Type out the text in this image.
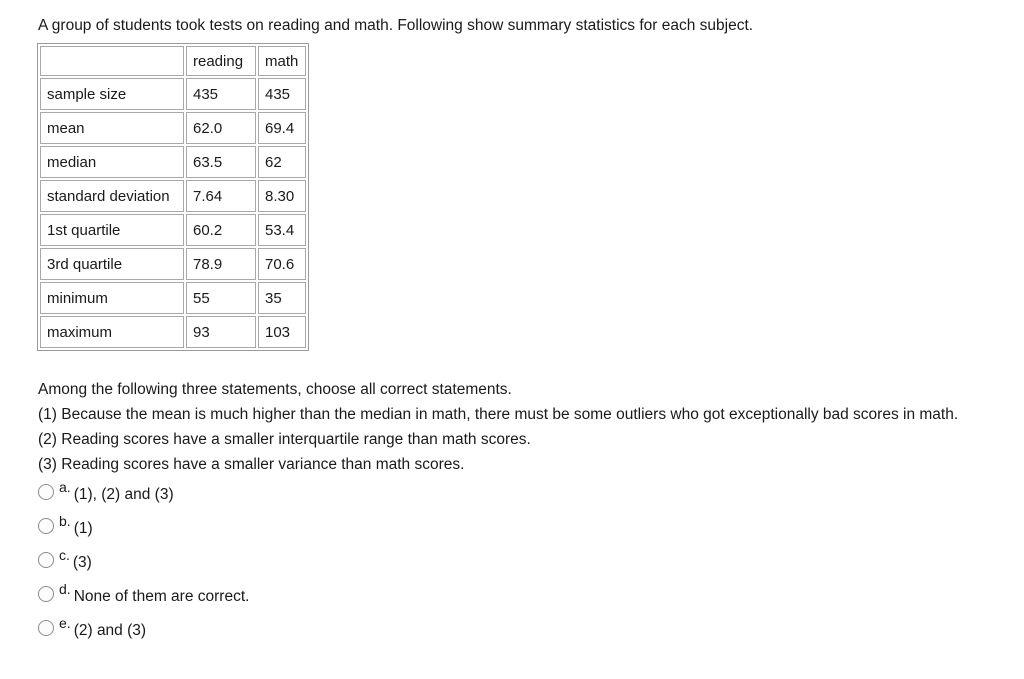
A group of students took tests on reading and math. Following show summary statistics for each subject.
	reading	math
sample size	435	435
mean	62.0	69.4
median	63.5	62
standard deviation	7.64	8.30
1st quartile	60.2	53.4
3rd quartile	78.9	70.6
minimum	55	35
maximum	93	103
Among the following three statements, choose all correct statements.
(1) Because the mean is much higher than the median in math, there must be some outliers who got exceptionally bad scores in math.
(2) Reading scores have a smaller interquartile range than math scores.
(3) Reading scores have a smaller variance than math scores.
a. (1), (2) and (3)
b. (1)
c. (3)
d. None of them are correct.
e. (2) and (3)
